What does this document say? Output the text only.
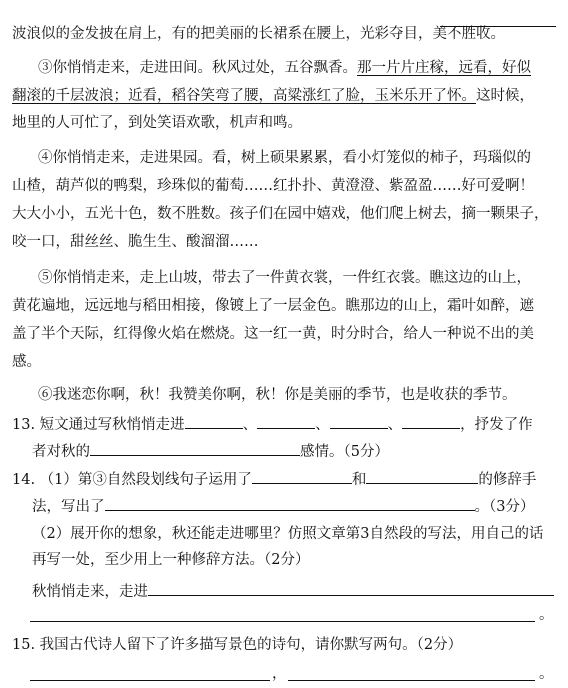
波浪似的金发披在肩上，有的把美丽的长裙系在腰上，光彩夺目，美不胜收。
③你悄悄走来，走进田间。秋风过处，五谷飘香。那一片片庄稼，远看，好似
翻滚的千层波浪；近看，稻谷笑弯了腰，高粱涨红了脸，玉米乐开了怀。这时候，
地里的人可忙了，到处笑语欢歌，机声和鸣。
④你悄悄走来，走进果园。看，树上硕果累累，看小灯笼似的柿子，玛瑙似的
山楂，葫芦似的鸭梨，珍珠似的葡萄……红扑扑、黄澄澄、紫盈盈……好可爱啊！
大大小小，五光十色，数不胜数。孩子们在园中嬉戏，他们爬上树去，摘一颗果子，
咬一口，甜丝丝、脆生生、酸溜溜……
⑤你悄悄走来，走上山坡，带去了一件黄衣裳，一件红衣裳。瞧这边的山上，
黄花遍地，远远地与稻田相接，像镀上了一层金色。瞧那边的山上，霜叶如醉，遮
盖了半个天际，红得像火焰在燃烧。这一红一黄，时分时合，给人一种说不出的美
感。
⑥我迷恋你啊，秋！我赞美你啊，秋！你是美丽的季节，也是收获的季节。
13. 短文通过写秋悄悄走进	、	、	、	，抒发了作
者对秋的	感情。（5分）
14. （1）第③自然段划线句子运用了	和	的修辞手
法，写出了	。（3分）
（2）展开你的想象，秋还能走进哪里？仿照文章第3自然段的写法，用自己的话
再写一处，至少用上一种修辞方法。（2分）
秋悄悄走来，走进
。
15. 我国古代诗人留下了许多描写景色的诗句，请你默写两句。（2分）
，	。
